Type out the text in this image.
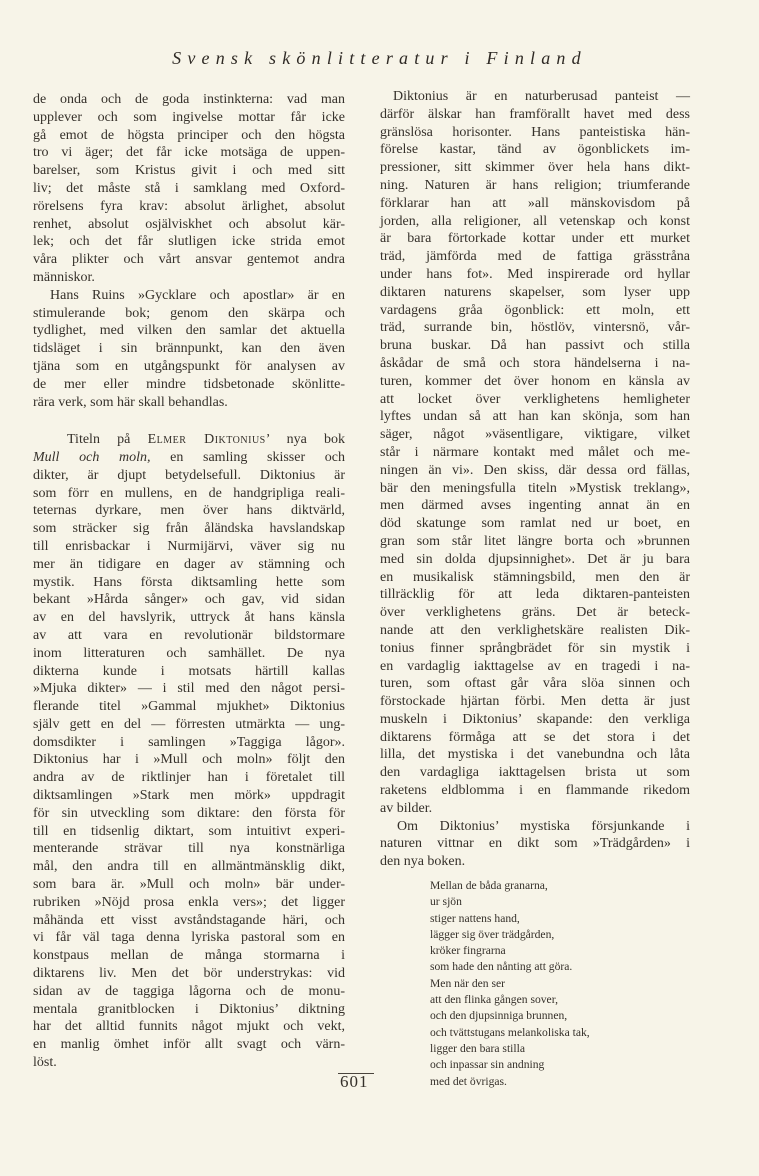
Svensk skönlitteratur i Finland
de onda och de goda instinkterna: vad man
upplever och som ingivelse mottar får icke
gå emot de högsta principer och den högsta
tro vi äger; det får icke motsäga de uppen-
barelser, som Kristus givit i och med sitt
liv; det måste stå i samklang med Oxford-
rörelsens fyra krav: absolut ärlighet, absolut
renhet, absolut osjälviskhet och absolut kär-
lek; och det får slutligen icke strida emot
våra plikter och vårt ansvar gentemot andra
människor.
Hans Ruins »Gycklare och apostlar» är en
stimulerande bok; genom den skärpa och
tydlighet, med vilken den samlar det aktuella
tidsläget i sin brännpunkt, kan den även
tjäna som en utgångspunkt för analysen av
de mer eller mindre tidsbetonade skönlitte-
rära verk, som här skall behandlas.
Titeln på Elmer Diktonius’ nya bok
Mull och moln, en samling skisser och
dikter, är djupt betydelsefull. Diktonius är
som förr en mullens, en de handgripliga reali-
teternas dyrkare, men över hans diktvärld,
som sträcker sig från åländska havslandskap
till enrisbackar i Nurmijärvi, väver sig nu
mer än tidigare en dager av stämning och
mystik. Hans första diktsamling hette som
bekant »Hårda sånger» och gav, vid sidan
av en del havslyrik, uttryck åt hans känsla
av att vara en revolutionär bildstormare
inom litteraturen och samhället. De nya
dikterna kunde i motsats härtill kallas
»Mjuka dikter» — i stil med den något persi-
flerande titel »Gammal mjukhet» Diktonius
själv gett en del — förresten utmärkta — ung-
domsdikter i samlingen »Taggiga lågor».
Diktonius har i »Mull och moln» följt den
andra av de riktlinjer han i företalet till
diktsamlingen »Stark men mörk» uppdragit
för sin utveckling som diktare: den första för
till en tidsenlig diktart, som intuitivt experi-
menterande strävar till nya konstnärliga
mål, den andra till en allmäntmänsklig dikt,
som bara är. »Mull och moln» bär under-
rubriken »Nöjd prosa enkla vers»; det ligger
måhända ett visst avståndstagande häri, och
vi får väl taga denna lyriska pastoral som en
konstpaus mellan de många stormarna i
diktarens liv. Men det bör understrykas: vid
sidan av de taggiga lågorna och de monu-
mentala granitblocken i Diktonius’ diktning
har det alltid funnits något mjukt och vekt,
en manlig ömhet inför allt svagt och värn-
löst.
Diktonius är en naturberusad panteist —
därför älskar han framförallt havet med dess
gränslösa horisonter. Hans panteistiska hän-
förelse kastar, tänd av ögonblickets im-
pressioner, sitt skimmer över hela hans dikt-
ning. Naturen är hans religion; triumferande
förklarar han att »all mänskovisdom på
jorden, alla religioner, all vetenskap och konst
är bara förtorkade kottar under ett murket
träd, jämförda med de fattiga grässtråna
under hans fot». Med inspirerade ord hyllar
diktaren naturens skapelser, som lyser upp
vardagens gråa ögonblick: ett moln, ett
träd, surrande bin, höstlöv, vintersnö, vår-
bruna buskar. Då han passivt och stilla
åskådar de små och stora händelserna i na-
turen, kommer det över honom en känsla av
att locket över verklighetens hemligheter
lyftes undan så att han kan skönja, som han
säger, något »väsentligare, viktigare, vilket
står i närmare kontakt med målet och me-
ningen än vi». Den skiss, där dessa ord fällas,
bär den meningsfulla titeln »Mystisk treklang»,
men därmed avses ingenting annat än en
död skatunge som ramlat ned ur boet, en
gran som står litet längre borta och »brunnen
med sin dolda djupsinnighet». Det är ju bara
en musikalisk stämningsbild, men den är
tillräcklig för att leda diktaren-panteisten
över verklighetens gräns. Det är beteck-
nande att den verklighetskäre realisten Dik-
tonius finner språngbrädet för sin mystik i
en vardaglig iakttagelse av en tragedi i na-
turen, som oftast går våra slöa sinnen och
förstockade hjärtan förbi. Men detta är just
muskeln i Diktonius’ skapande: den verkliga
diktarens förmåga att se det stora i det
lilla, det mystiska i det vanebundna och låta
den vardagliga iakttagelsen brista ut som
raketens eldblomma i en flammande rikedom
av bilder.
Om Diktonius’ mystiska försjunkande i
naturen vittnar en dikt som »Trädgården» i
den nya boken.
Mellan de båda granarna,
ur sjön
stiger nattens hand,
lägger sig över trädgården,
kröker fingrarna
som hade den nånting att göra.
Men när den ser
att den flinka gången sover,
och den djupsinniga brunnen,
och tvättstugans melankoliska tak,
ligger den bara stilla
och inpassar sin andning
med det övrigas.
601
